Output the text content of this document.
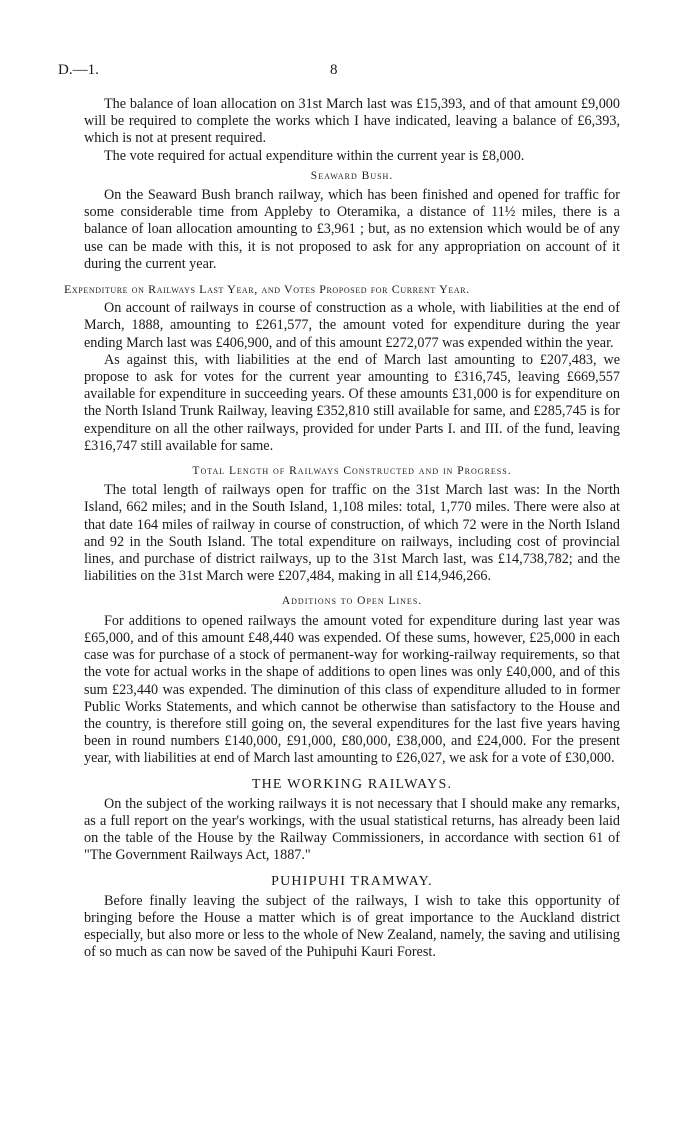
D.—1.	8

The balance of loan allocation on 31st March last was £15,393, and of that amount £9,000 will be required to complete the works which I have indicated, leaving a balance of £6,393, which is not at present required.

The vote required for actual expenditure within the current year is £8,000.

Seaward Bush.

On the Seaward Bush branch railway, which has been finished and opened for traffic for some considerable time from Appleby to Oteramika, a distance of 11½ miles, there is a balance of loan allocation amounting to £3,961 ; but, as no extension which would be of any use can be made with this, it is not proposed to ask for any appropriation on account of it during the current year.

Expenditure on Railways Last Year, and Votes Proposed for Current Year.

On account of railways in course of construction as a whole, with liabilities at the end of March, 1888, amounting to £261,577, the amount voted for expenditure during the year ending March last was £406,900, and of this amount £272,077 was expended within the year.

As against this, with liabilities at the end of March last amounting to £207,483, we propose to ask for votes for the current year amounting to £316,745, leaving £669,557 available for expenditure in succeeding years. Of these amounts £31,000 is for expenditure on the North Island Trunk Railway, leaving £352,810 still available for same, and £285,745 is for expenditure on all the other railways, provided for under Parts I. and III. of the fund, leaving £316,747 still available for same.

Total Length of Railways Constructed and in Progress.

The total length of railways open for traffic on the 31st March last was: In the North Island, 662 miles; and in the South Island, 1,108 miles: total, 1,770 miles. There were also at that date 164 miles of railway in course of construction, of which 72 were in the North Island and 92 in the South Island. The total expenditure on railways, including cost of provincial lines, and purchase of district railways, up to the 31st March last, was £14,738,782; and the liabilities on the 31st March were £207,484, making in all £14,946,266.

Additions to Open Lines.

For additions to opened railways the amount voted for expenditure during last year was £65,000, and of this amount £48,440 was expended. Of these sums, however, £25,000 in each case was for purchase of a stock of permanent-way for working-railway requirements, so that the vote for actual works in the shape of additions to open lines was only £40,000, and of this sum £23,440 was expended. The diminution of this class of expenditure alluded to in former Public Works Statements, and which cannot be otherwise than satisfactory to the House and the country, is therefore still going on, the several expenditures for the last five years having been in round numbers £140,000, £91,000, £80,000, £38,000, and £24,000. For the present year, with liabilities at end of March last amounting to £26,027, we ask for a vote of £30,000.

THE WORKING RAILWAYS.

On the subject of the working railways it is not necessary that I should make any remarks, as a full report on the year's workings, with the usual statistical returns, has already been laid on the table of the House by the Railway Commissioners, in accordance with section 61 of "The Government Railways Act, 1887."

PUHIPUHI TRAMWAY.

Before finally leaving the subject of the railways, I wish to take this opportunity of bringing before the House a matter which is of great importance to the Auckland district especially, but also more or less to the whole of New Zealand, namely, the saving and utilising of so much as can now be saved of the Puhipuhi Kauri Forest.
